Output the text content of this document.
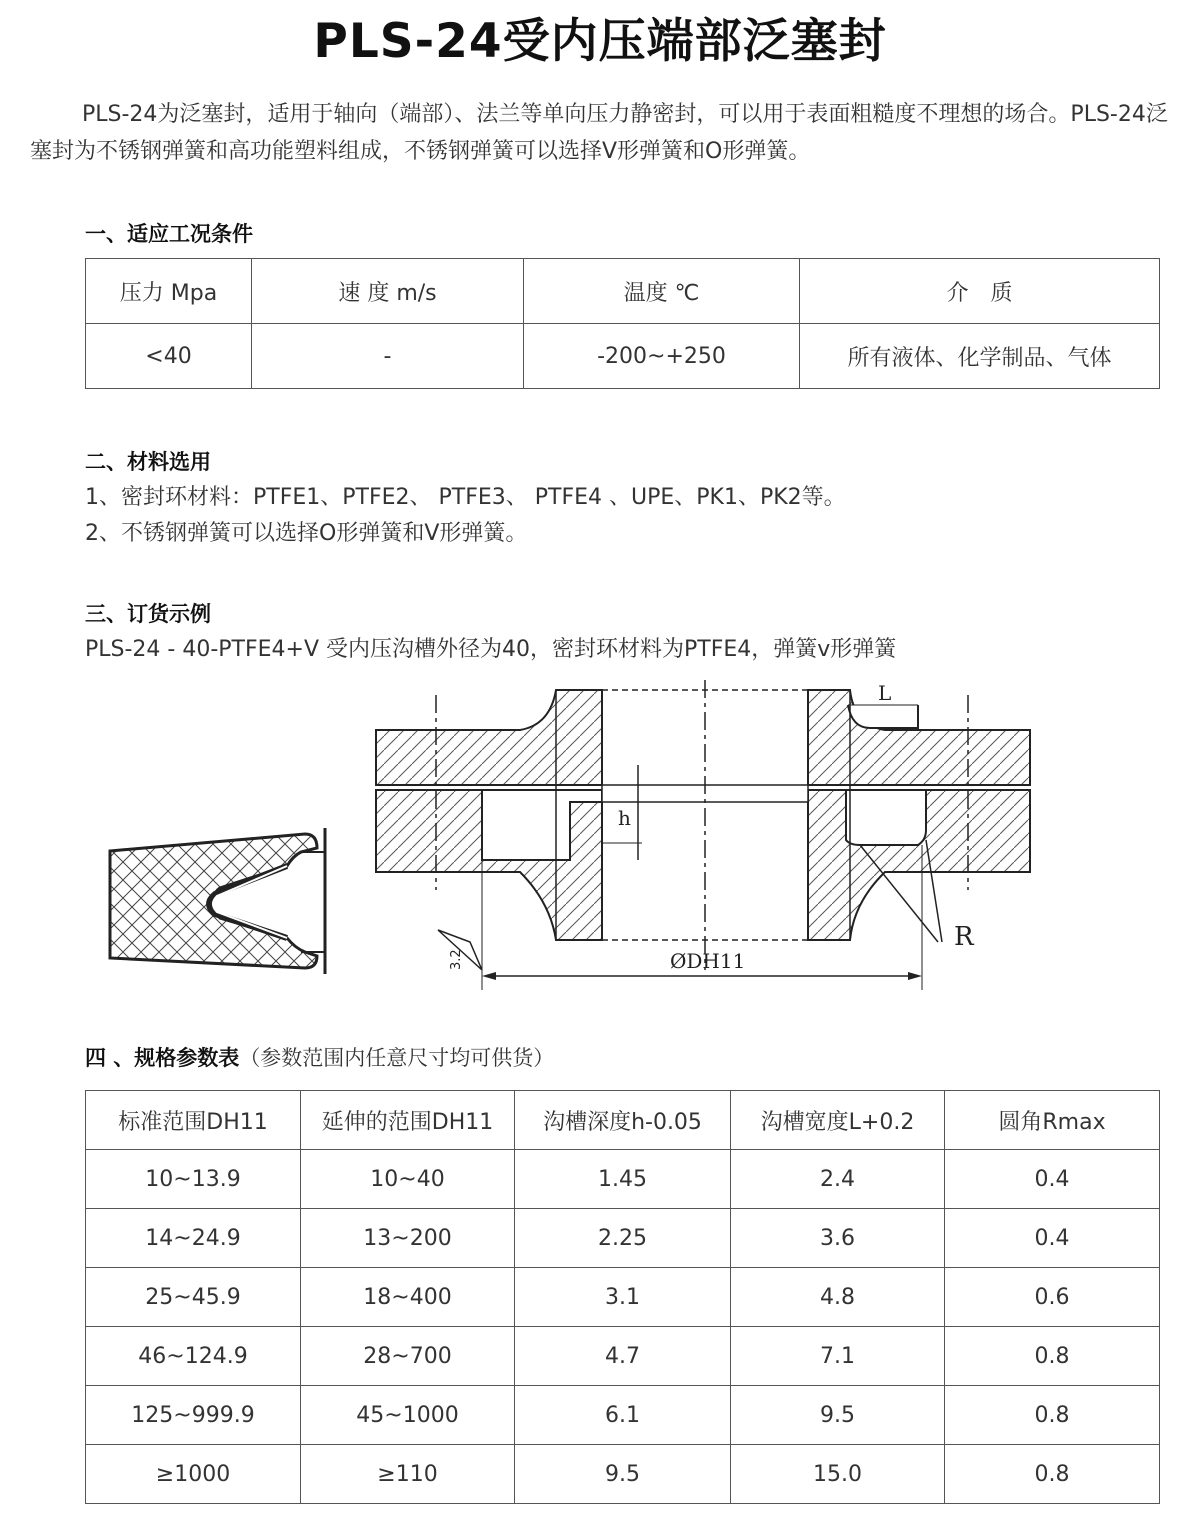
PLS-24受内压端部泛塞封
PLS-24为泛塞封，适用于轴向（端部）、法兰等单向压力静密封，可以用于表面粗糙度不理想的场合。PLS-24泛塞封为不锈钢弹簧和高功能塑料组成，不锈钢弹簧可以选择V形弹簧和O形弹簧。
一、适应工况条件
压力 Mpa	速 度 m/s	温度 ℃	介　质
<40	-	-200~+250	所有液体、化学制品、气体
二、材料选用
1、密封环材料：PTFE1、PTFE2、 PTFE3、 PTFE4 、UPE、PK1、PK2等。
2、不锈钢弹簧可以选择O形弹簧和V形弹簧。
三、订货示例
PLS-24 - 40-PTFE4+V 受内压沟槽外径为40，密封环材料为PTFE4，弹簧v形弹簧
h
L
R
ØDH11
3.2
四 、规格参数表（参数范围内任意尺寸均可供货）
标准范围DH11	延伸的范围DH11	沟槽深度h-0.05	沟槽宽度L+0.2	圆角Rmax
10~13.9	10~40	1.45	2.4	0.4
14~24.9	13~200	2.25	3.6	0.4
25~45.9	18~400	3.1	4.8	0.6
46~124.9	28~700	4.7	7.1	0.8
125~999.9	45~1000	6.1	9.5	0.8
≥1000	≥110	9.5	15.0	0.8
